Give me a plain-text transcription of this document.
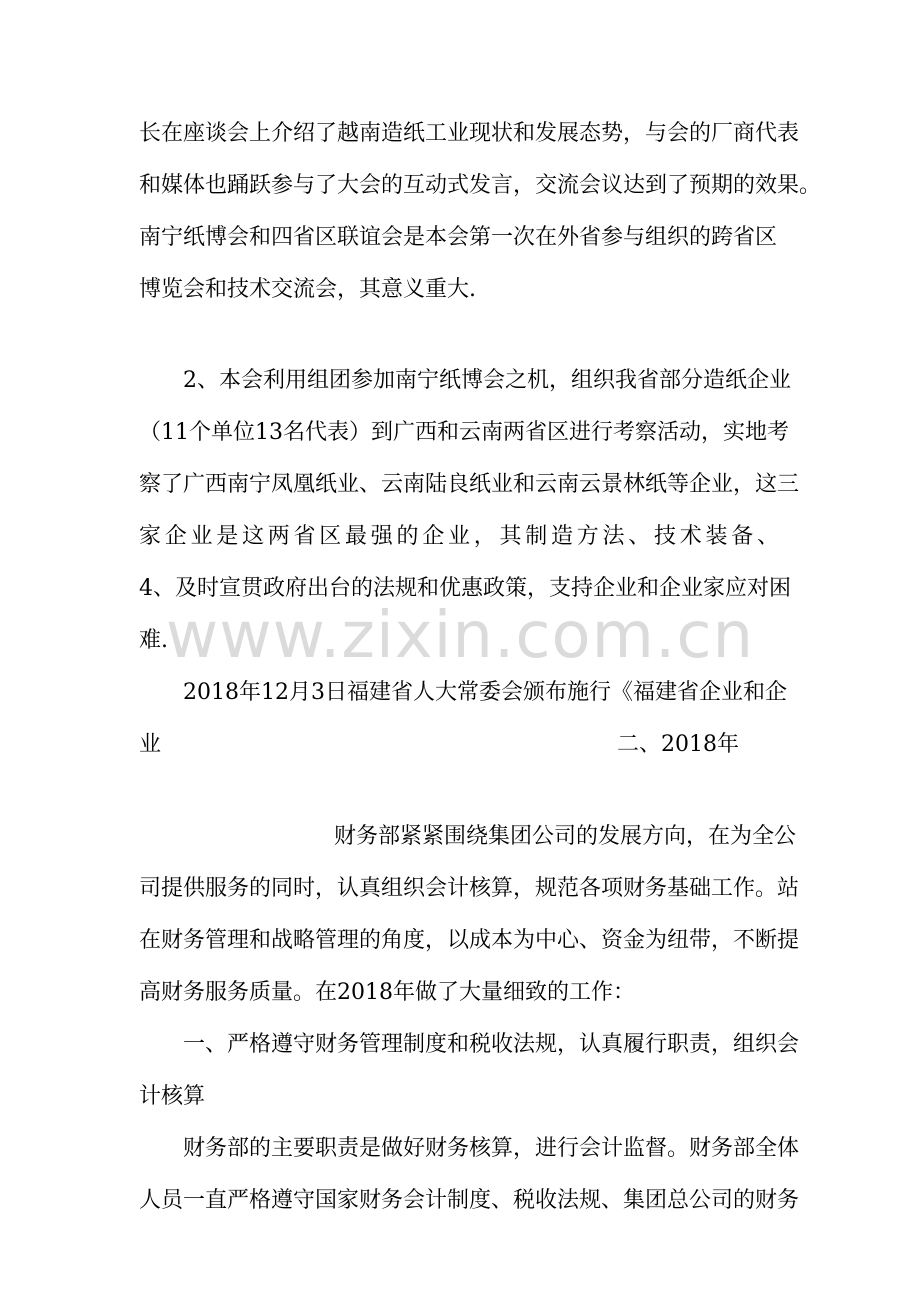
长在座谈会上介绍了越南造纸工业现状和发展态势，与会的厂商代表
和媒体也踊跃参与了大会的互动式发言，交流会议达到了预期的效果。
南宁纸博会和四省区联谊会是本会第一次在外省参与组织的跨省区
博览会和技术交流会，其意义重大.
2、本会利用组团参加南宁纸博会之机，组织我省部分造纸企业
（11个单位13名代表）到广西和云南两省区进行考察活动，实地考
察了广西南宁凤凰纸业、云南陆良纸业和云南云景林纸等企业，这三
家企业是这两省区最强的企业，其制造方法、技术装备、
4、及时宣贯政府出台的法规和优惠政策，支持企业和企业家应对困
难.
2018年12月3日福建省人大常委会颁布施行《福建省企业和企
业	二、2018年
财务部紧紧围绕集团公司的发展方向，在为全公
司提供服务的同时，认真组织会计核算，规范各项财务基础工作。站
在财务管理和战略管理的角度，以成本为中心、资金为纽带，不断提
高财务服务质量。在2018年做了大量细致的工作：
一、严格遵守财务管理制度和税收法规，认真履行职责，组织会
计核算
财务部的主要职责是做好财务核算，进行会计监督。财务部全体
人员一直严格遵守国家财务会计制度、税收法规、集团总公司的财务
www.zixin.com.cn
